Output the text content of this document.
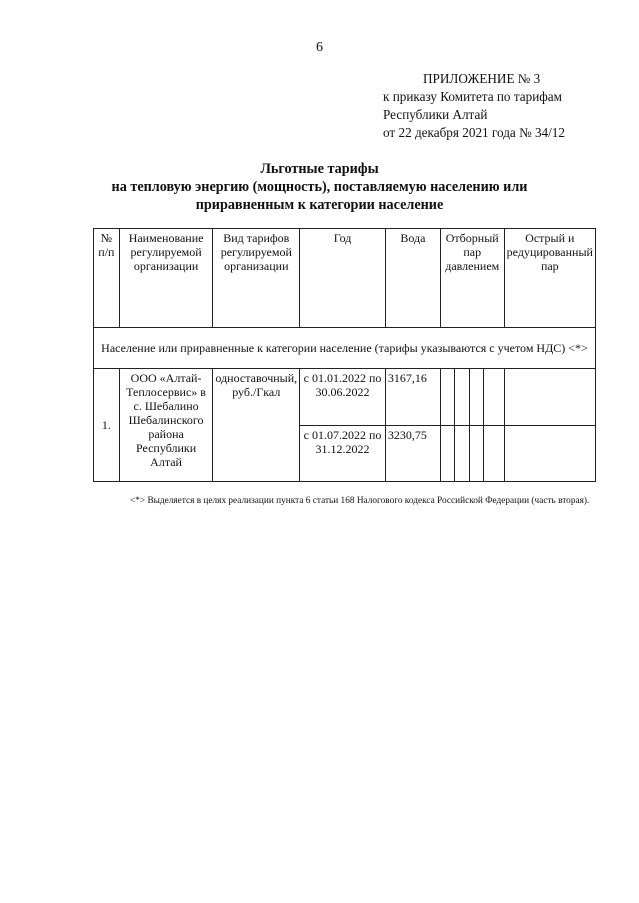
6
ПРИЛОЖЕНИЕ № 3
к приказу Комитета по тарифам
Республики Алтай
от 22 декабря 2021 года № 34/12
Льготные тарифы
на тепловую энергию (мощность), поставляемую населению или
приравненным к категории население
№ п/п	Наименование регулируемой организации	Вид тарифов регулируемой организации	Год	Вода	Отборный пар давлением				Острый и редуцированный пар
Население или приравненные к категории население (тарифы указываются с учетом НДС) <*>									
1.	ООО «Алтай-Теплосервис» в с. Шебалино Шебалинского района Республики Алтай	одноставочный, руб./Гкал	с 01.01.2022 по 30.06.2022	3167,16					
			с 01.07.2022 по 31.12.2022	3230,75					
<*> Выделяется в целях реализации пункта 6 статьи 168 Налогового кодекса Российской Федерации (часть вторая).
